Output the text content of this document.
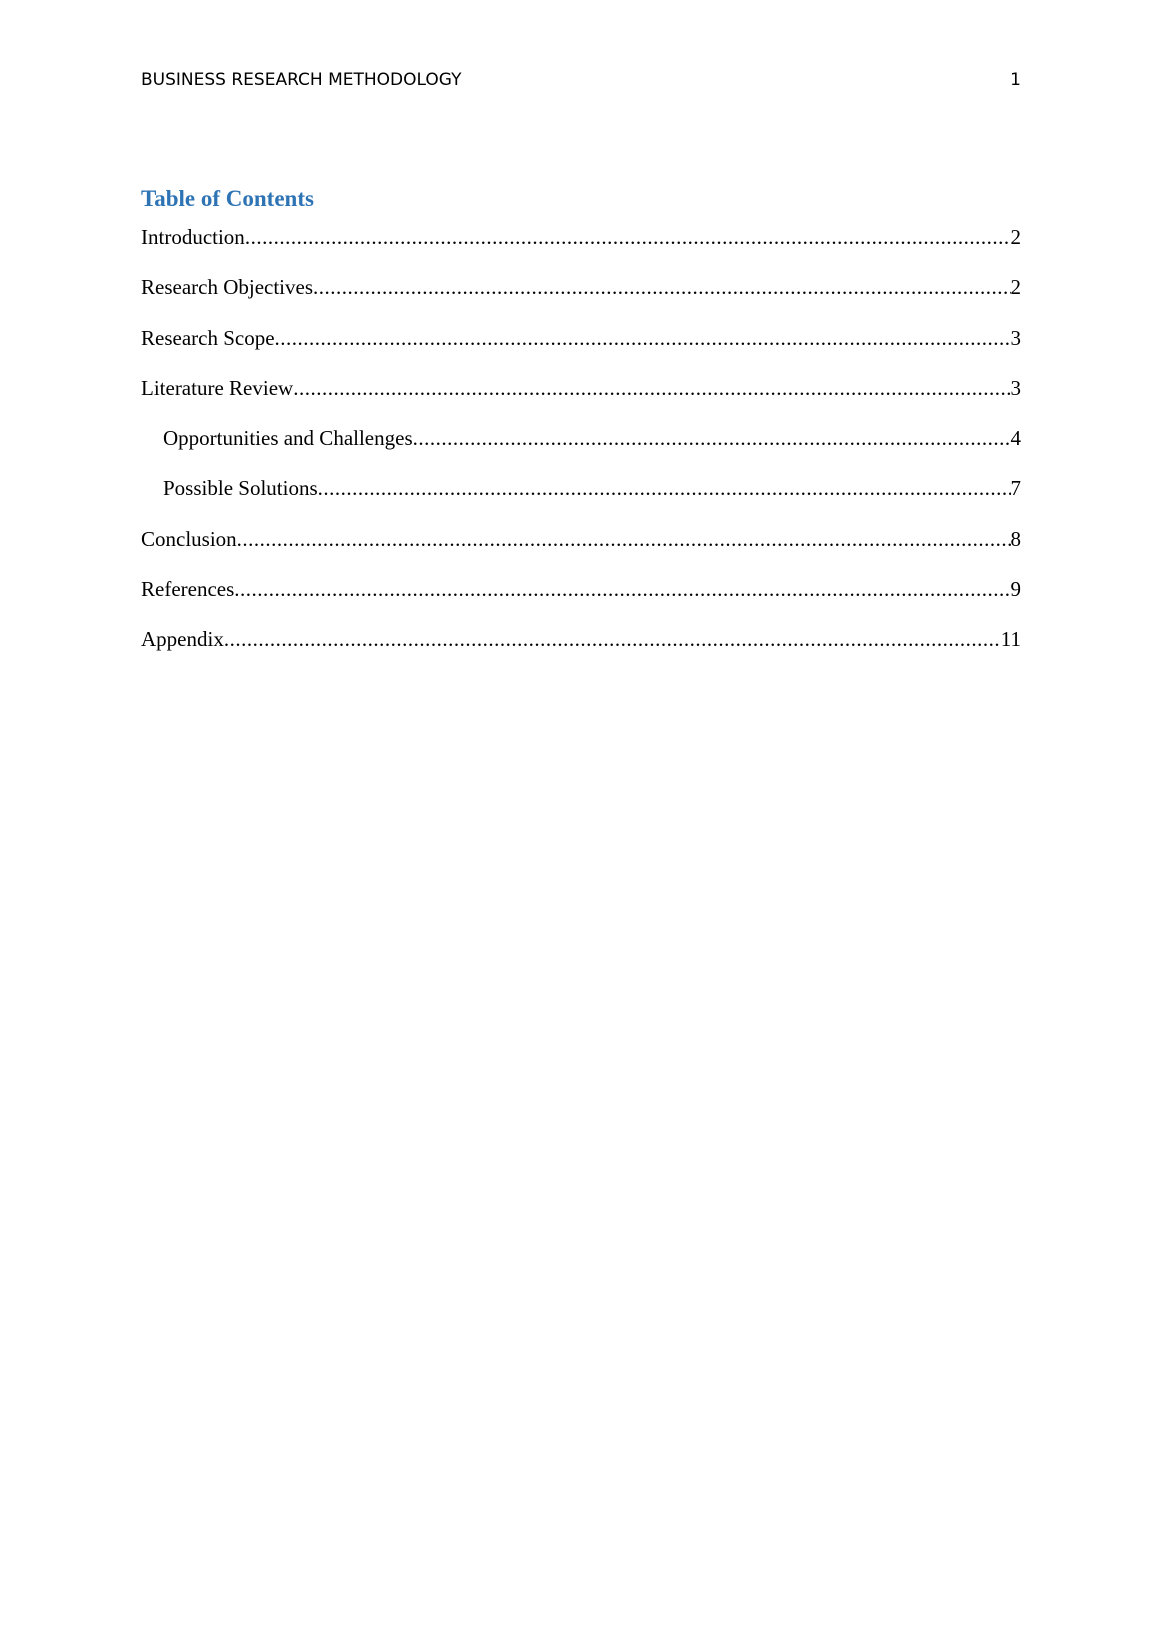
BUSINESS RESEARCH METHODOLOGY	1
Table of Contents
Introduction .....	2
Research Objectives .....	2
Research Scope .....	3
Literature Review .....	3
Opportunities and Challenges .....	4
Possible Solutions .....	7
Conclusion .....	8
References .....	9
Appendix .....	11
